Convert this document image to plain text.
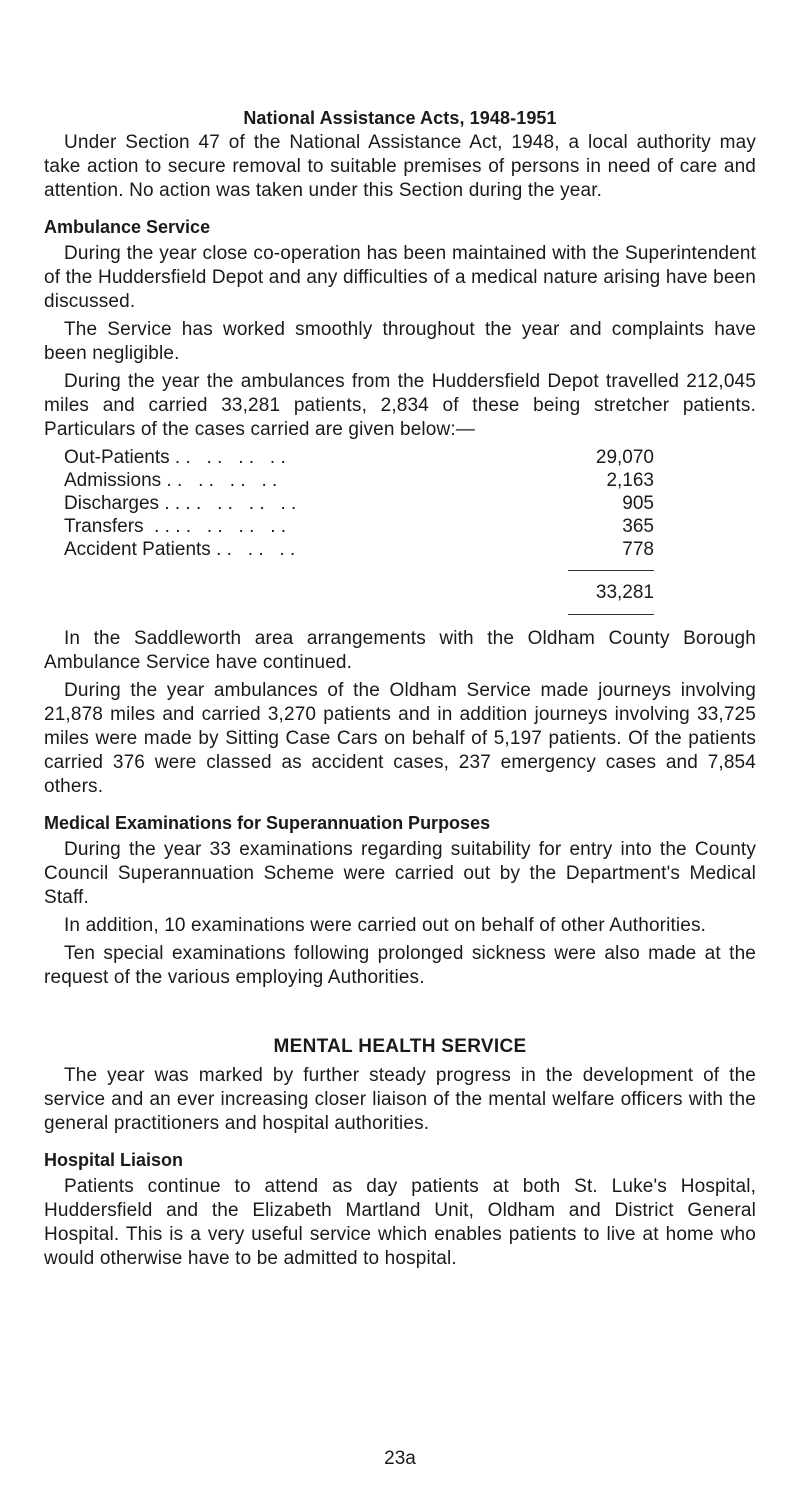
National Assistance Acts, 1948-1951

Under Section 47 of the National Assistance Act, 1948, a local authority may take action to secure removal to suitable premises of persons in need of care and attention. No action was taken under this Section during the year.

Ambulance Service

During the year close co-operation has been maintained with the Superintendent of the Huddersfield Depot and any difficulties of a medical nature arising have been discussed.

The Service has worked smoothly throughout the year and complaints have been negligible.

During the year the ambulances from the Huddersfield Depot travelled 212,045 miles and carried 33,281 patients, 2,834 of these being stretcher patients. Particulars of the cases carried are given below:—

Out-Patients . .   . .   . .   . .	29,070
Admissions . .   . .   . .   . .	2,163
Discharges . . . .   . .   . .   . .	905
Transfers  . . . .   . .   . .   . .	365
Accident Patients . .   . .   . .	778
33,281

In the Saddleworth area arrangements with the Oldham County Borough Ambulance Service have continued.

During the year ambulances of the Oldham Service made journeys involving 21,878 miles and carried 3,270 patients and in addition journeys involving 33,725 miles were made by Sitting Case Cars on behalf of 5,197 patients. Of the patients carried 376 were classed as accident cases, 237 emergency cases and 7,854 others.

Medical Examinations for Superannuation Purposes

During the year 33 examinations regarding suitability for entry into the County Council Superannuation Scheme were carried out by the Department's Medical Staff.

In addition, 10 examinations were carried out on behalf of other Authorities.

Ten special examinations following prolonged sickness were also made at the request of the various employing Authorities.

MENTAL HEALTH SERVICE

The year was marked by further steady progress in the development of the service and an ever increasing closer liaison of the mental welfare officers with the general practitioners and hospital authorities.

Hospital Liaison

Patients continue to attend as day patients at both St. Luke's Hospital, Huddersfield and the Elizabeth Martland Unit, Oldham and District General Hospital. This is a very useful service which enables patients to live at home who would otherwise have to be admitted to hospital.

23a
